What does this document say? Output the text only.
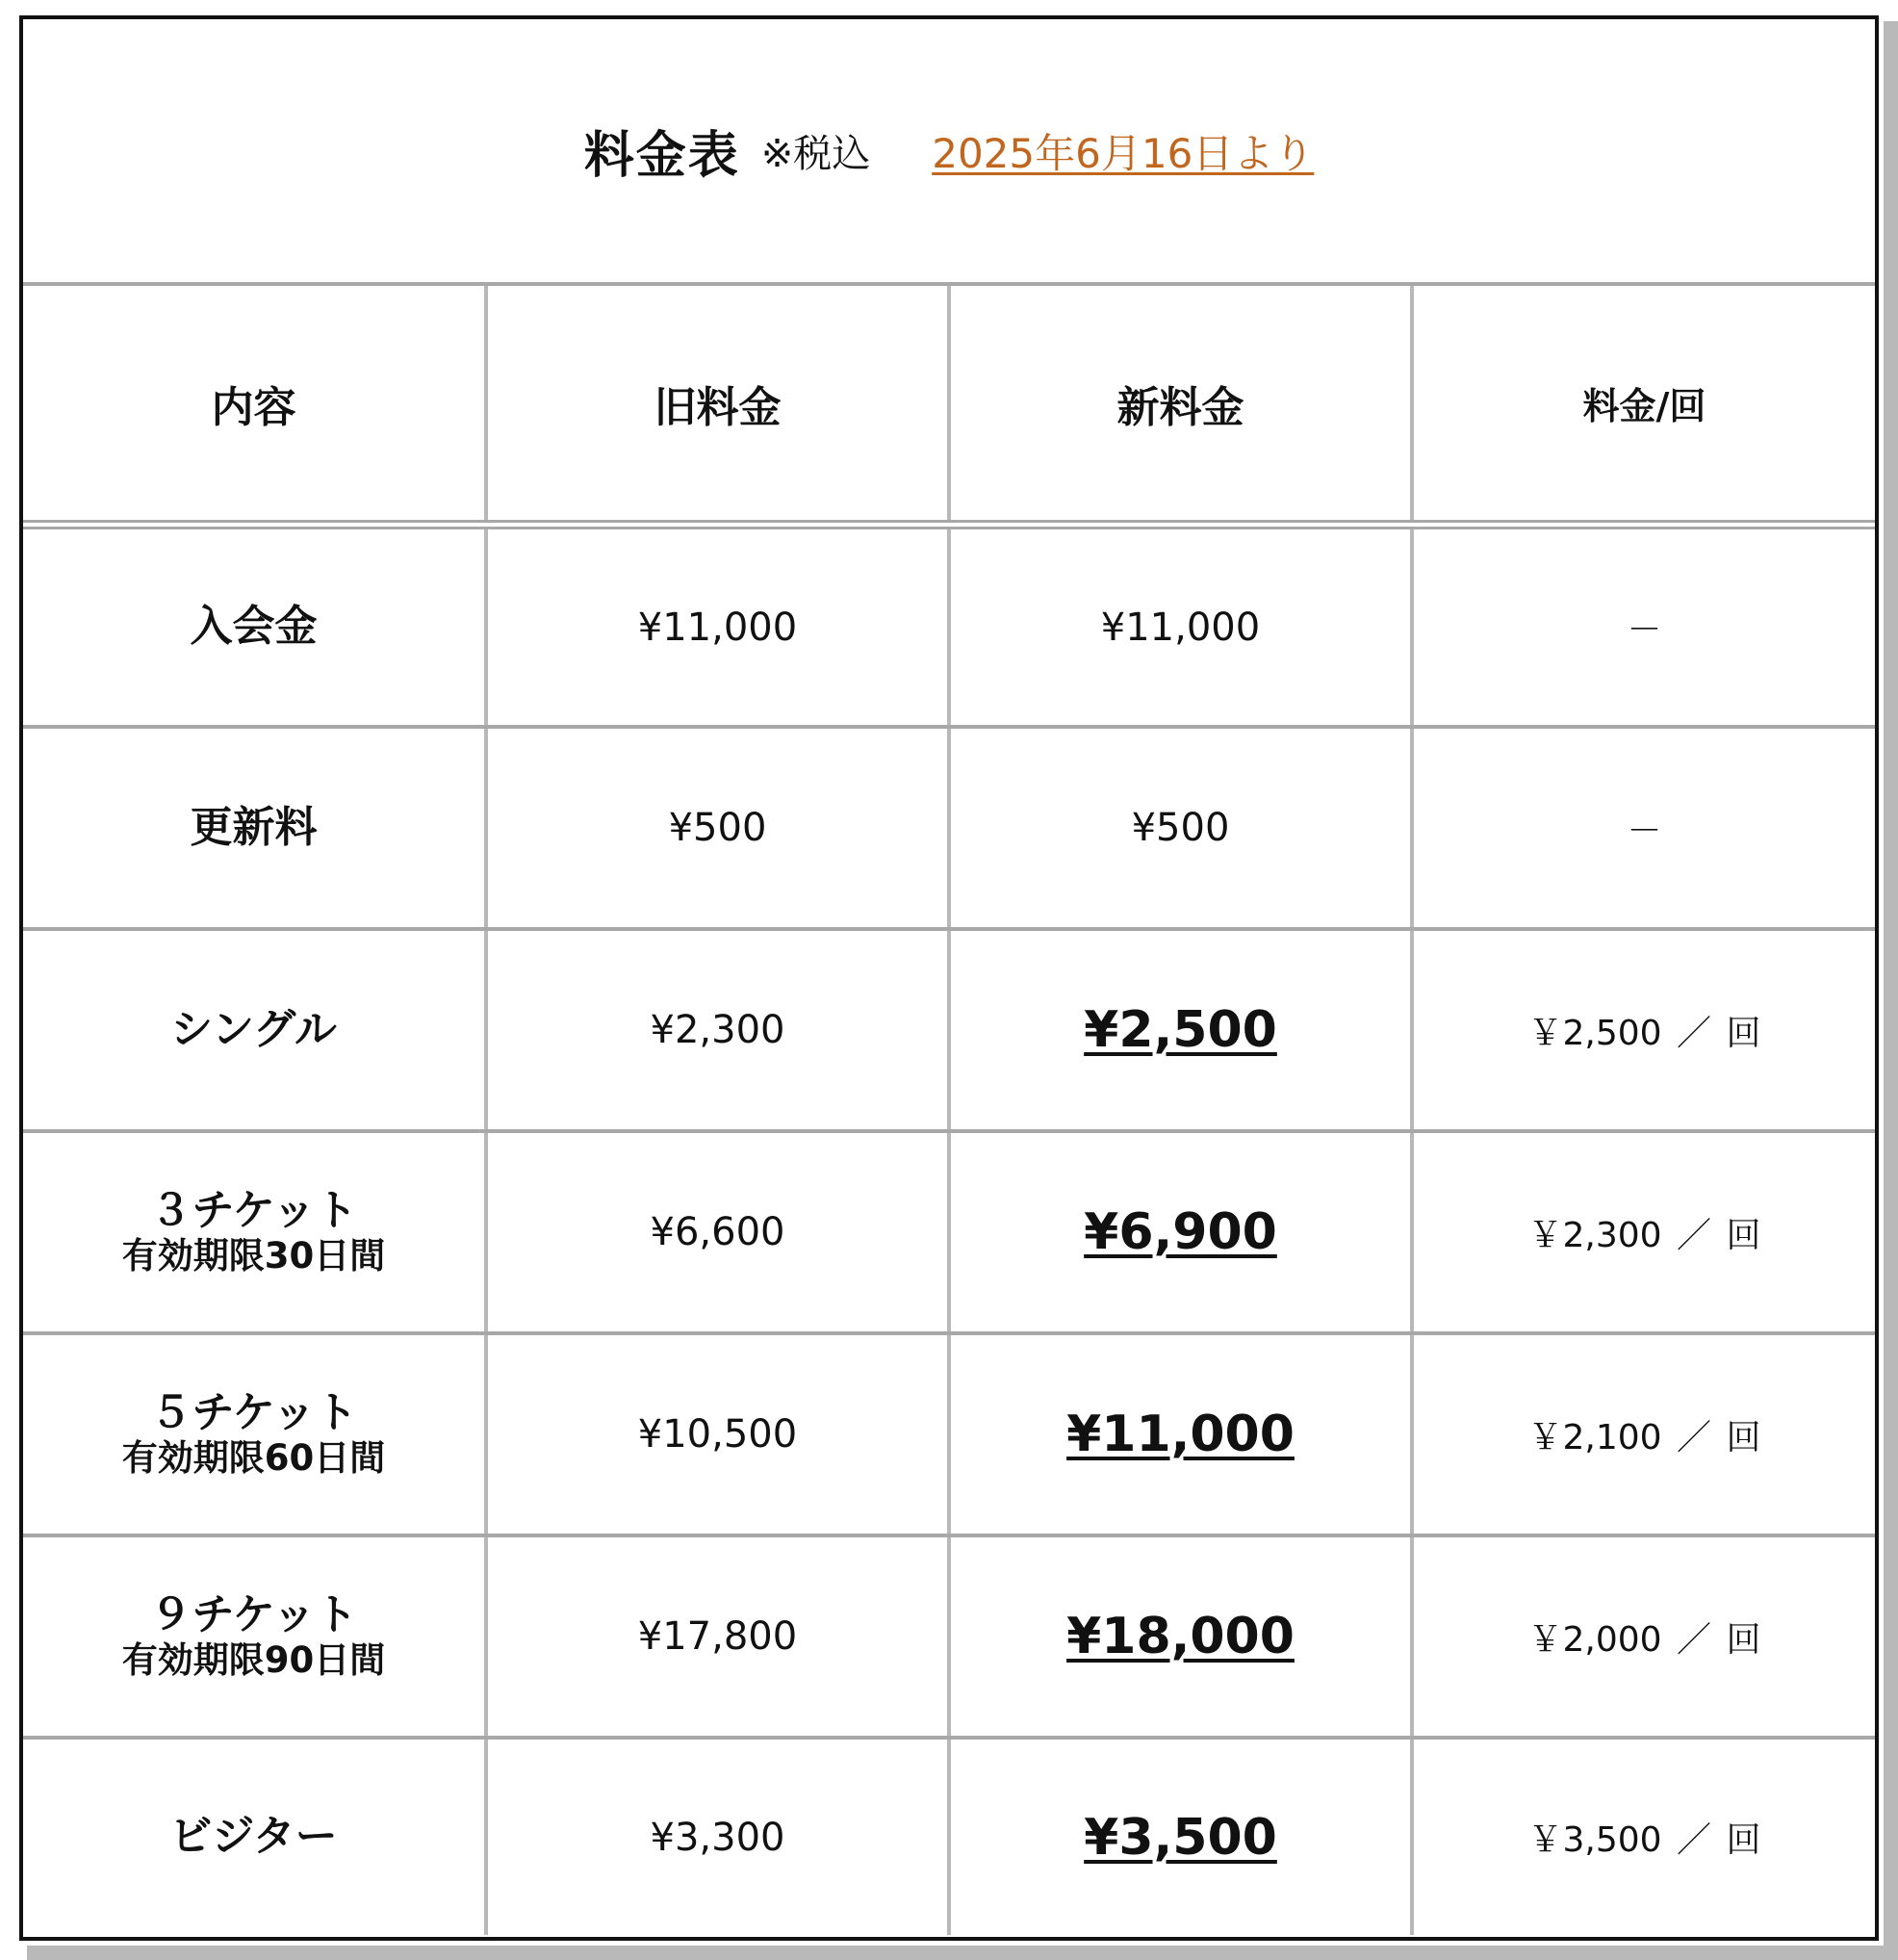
料金表 ※税込 2025年6月16日より
内容	旧料金	新料金	料金/回
入会金	¥11,000	¥11,000	－
更新料	¥500	¥500	－
シングル	¥2,300	¥2,500	￥2,500 ／ 回
３チケット
有効期限30日間	¥6,600	¥6,900	￥2,300 ／ 回
５チケット
有効期限60日間	¥10,500	¥11,000	￥2,100 ／ 回
９チケット
有効期限90日間	¥17,800	¥18,000	￥2,000 ／ 回
ビジター	¥3,300	¥3,500	￥3,500 ／ 回
